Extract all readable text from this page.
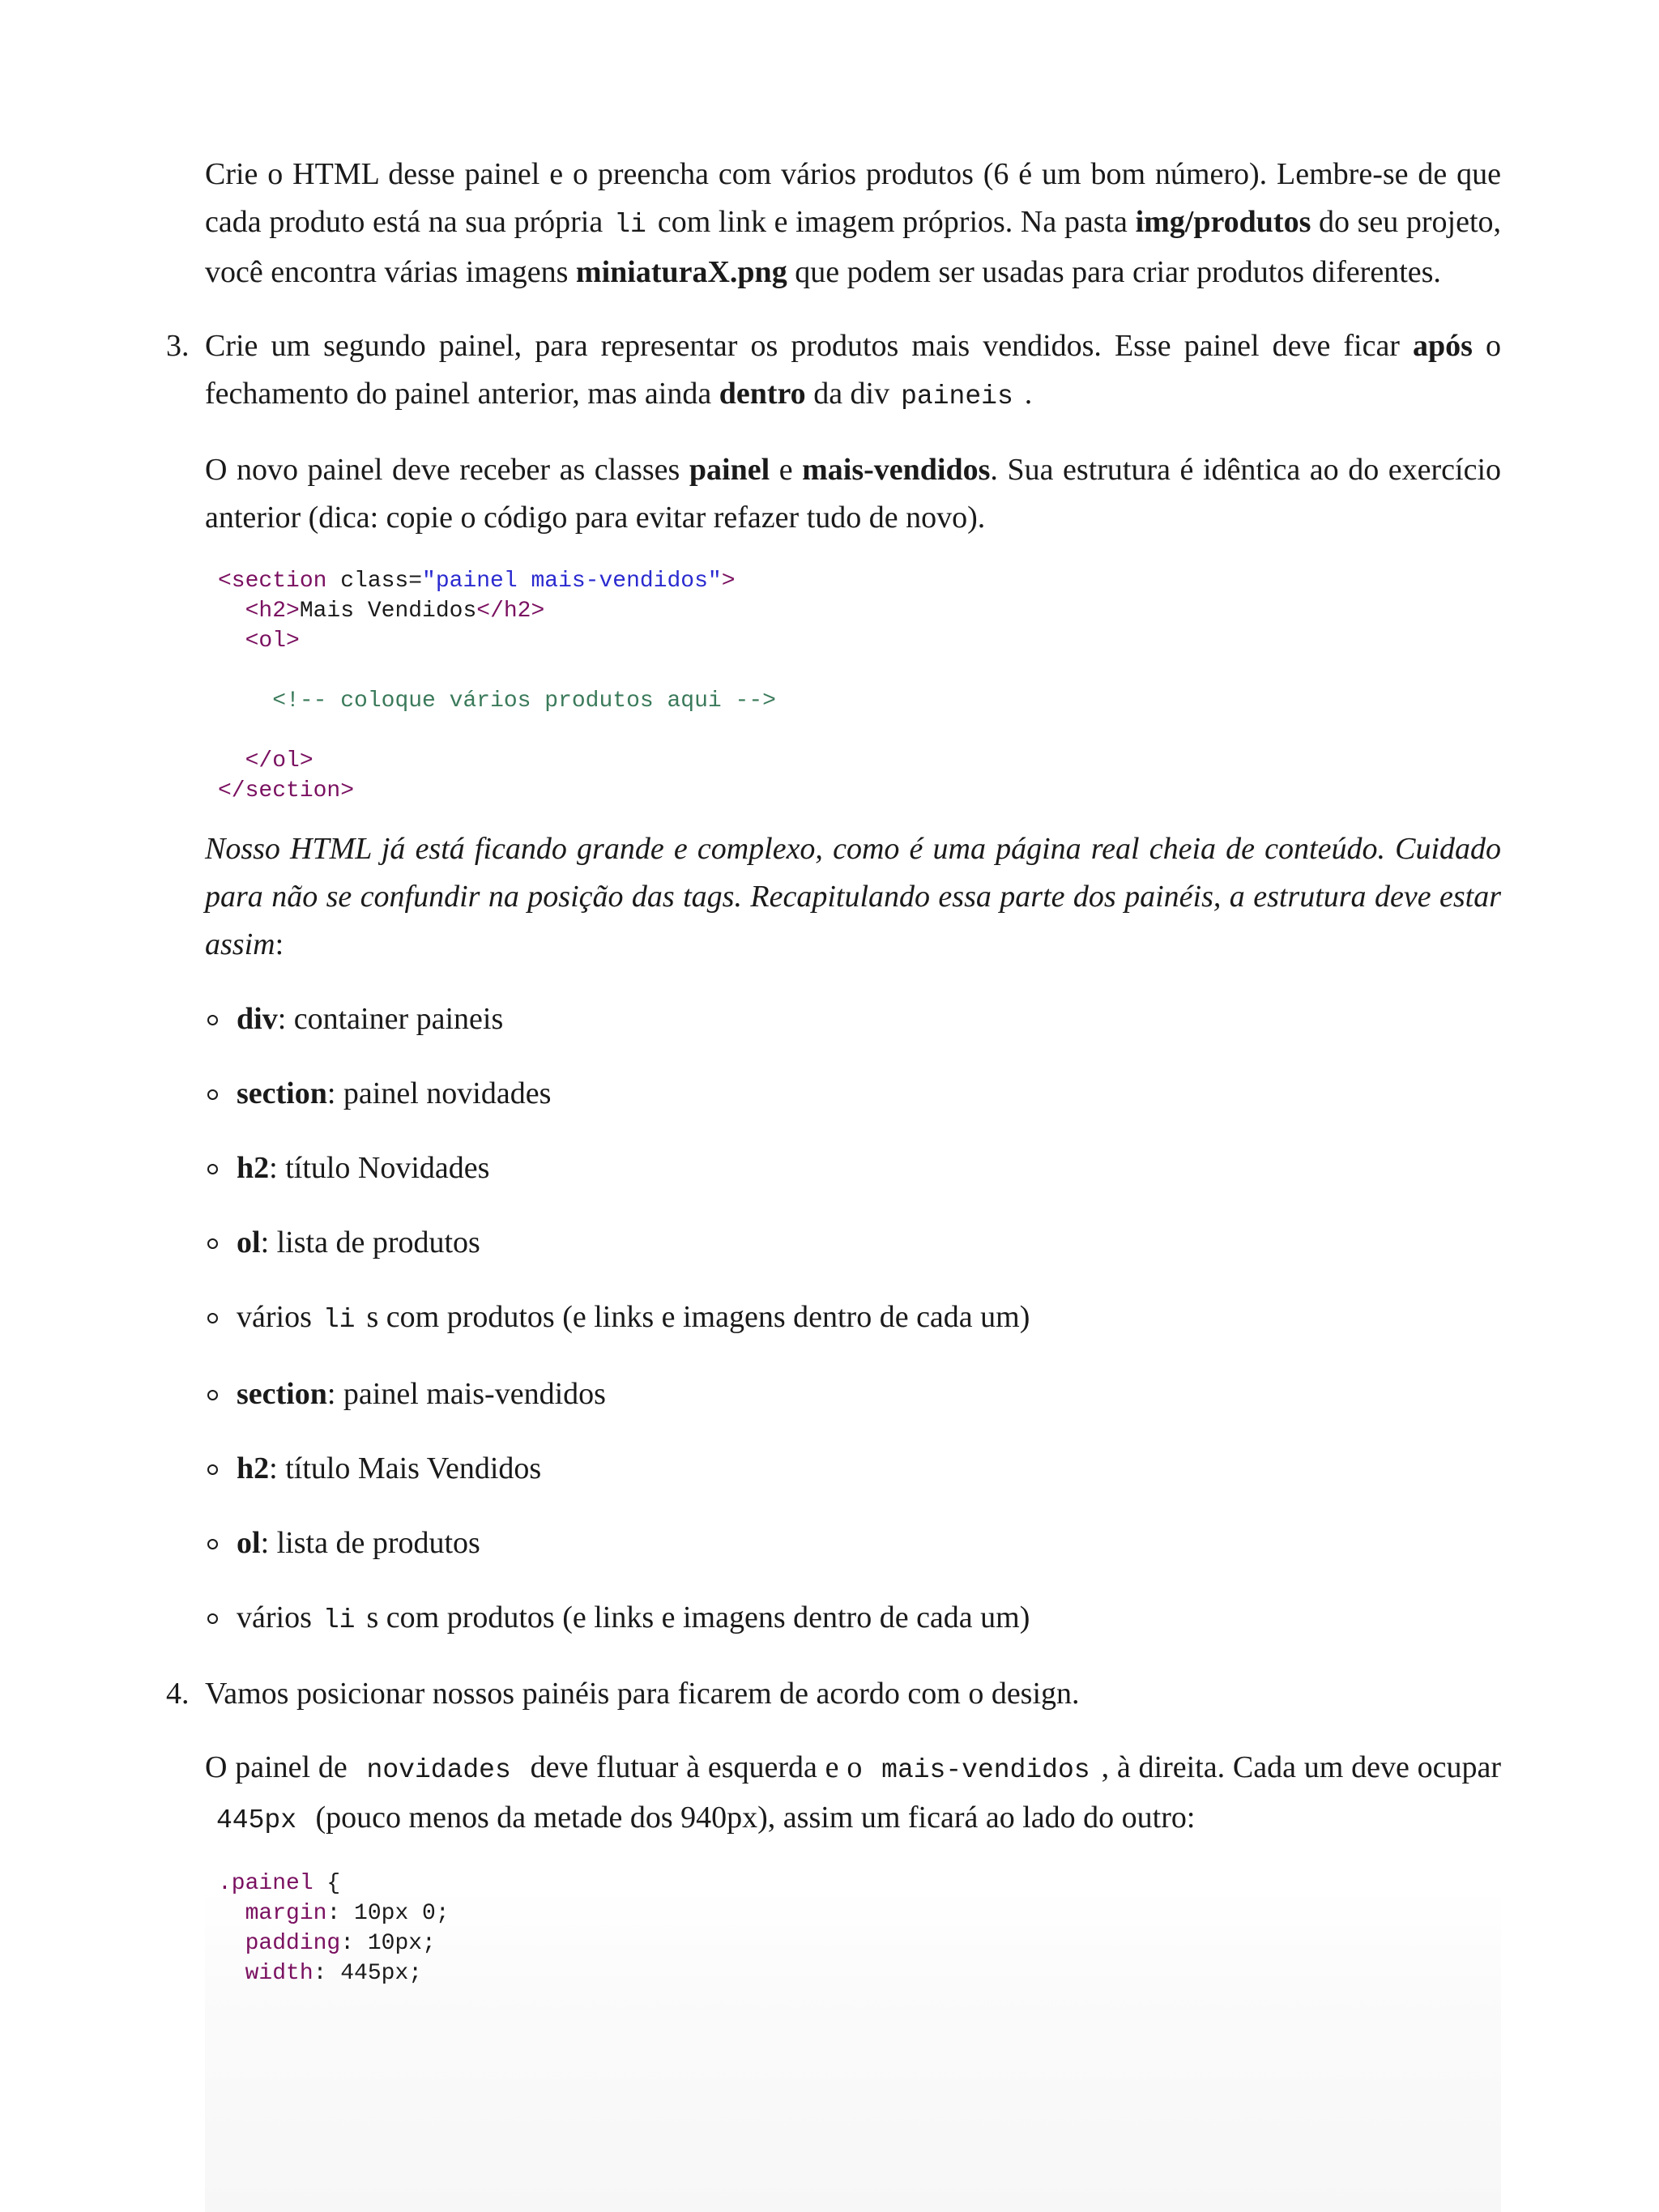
Crie o HTML desse painel e o preencha com vários produtos (6 é um bom número). Lembre-se de que cada produto está na sua própria li com link e imagem próprios. Na pasta img/produtos do seu projeto, você encontra várias imagens miniaturaX.png que podem ser usadas para criar produtos diferentes.

3. Crie um segundo painel, para representar os produtos mais vendidos. Esse painel deve ficar após o fechamento do painel anterior, mas ainda dentro da div paineis .

O novo painel deve receber as classes painel e mais-vendidos. Sua estrutura é idêntica ao do exercício anterior (dica: copie o código para evitar refazer tudo de novo).

<section class="painel mais-vendidos">
<h2>Mais Vendidos</h2>
<ol>

<!-- coloque vários produtos aqui -->

</ol>
</section>

Nosso HTML já está ficando grande e complexo, como é uma página real cheia de conteúdo. Cuidado para não se confundir na posição das tags. Recapitulando essa parte dos painéis, a estrutura deve estar assim:

div: container paineis
section: painel novidades
h2: título Novidades
ol: lista de produtos
vários li s com produtos (e links e imagens dentro de cada um)
section: painel mais-vendidos
h2: título Mais Vendidos
ol: lista de produtos
vários li s com produtos (e links e imagens dentro de cada um)
4. Vamos posicionar nossos painéis para ficarem de acordo com o design.

O painel de novidades deve flutuar à esquerda e o mais-vendidos , à direita. Cada um deve ocupar 445px (pouco menos da metade dos 940px), assim um ficará ao lado do outro:

.painel {
margin: 10px 0;
padding: 10px;
width: 445px;
